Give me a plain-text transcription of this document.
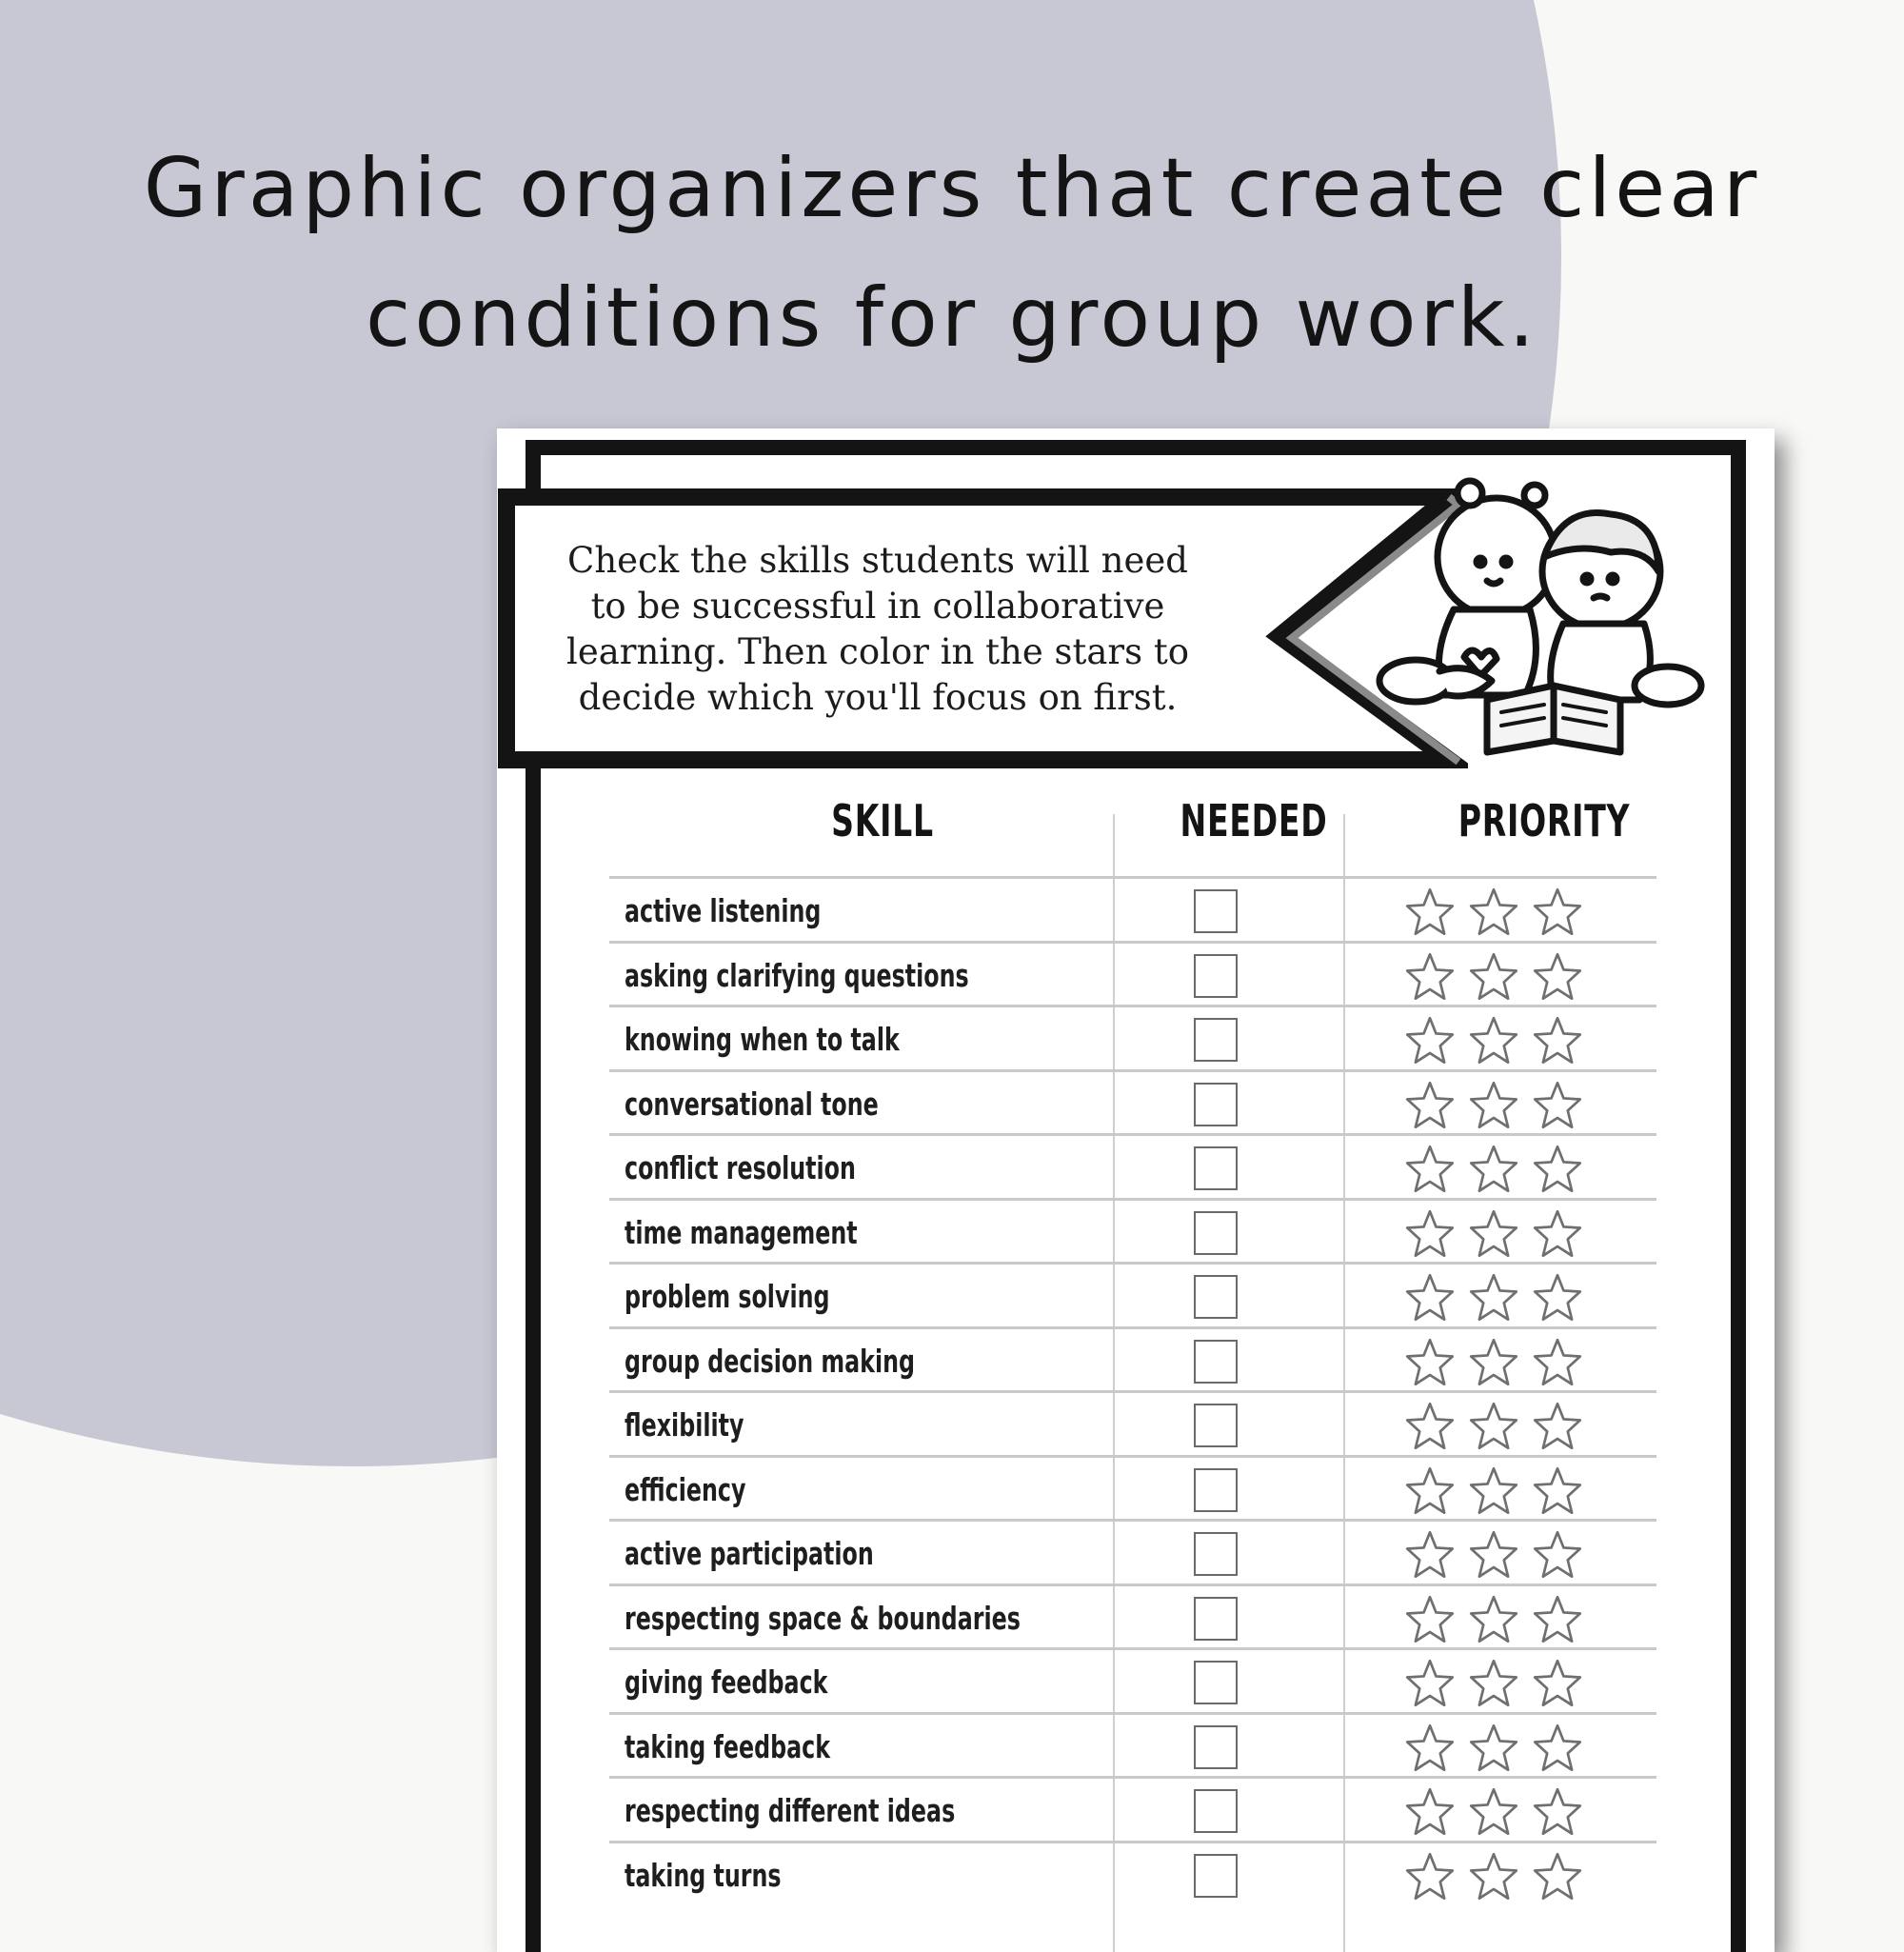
Graphic organizers that create clear
conditions for group work.

Check the skills students will need to be successful in collaborative learning. Then color in the stars to decide which you'll focus on first.

SKILL	NEEDED	PRIORITY
active listening
asking clarifying questions
knowing when to talk
conversational tone
conflict resolution
time management
problem solving
group decision making
flexibility
efficiency
active participation
respecting space & boundaries
giving feedback
taking feedback
respecting different ideas
taking turns
